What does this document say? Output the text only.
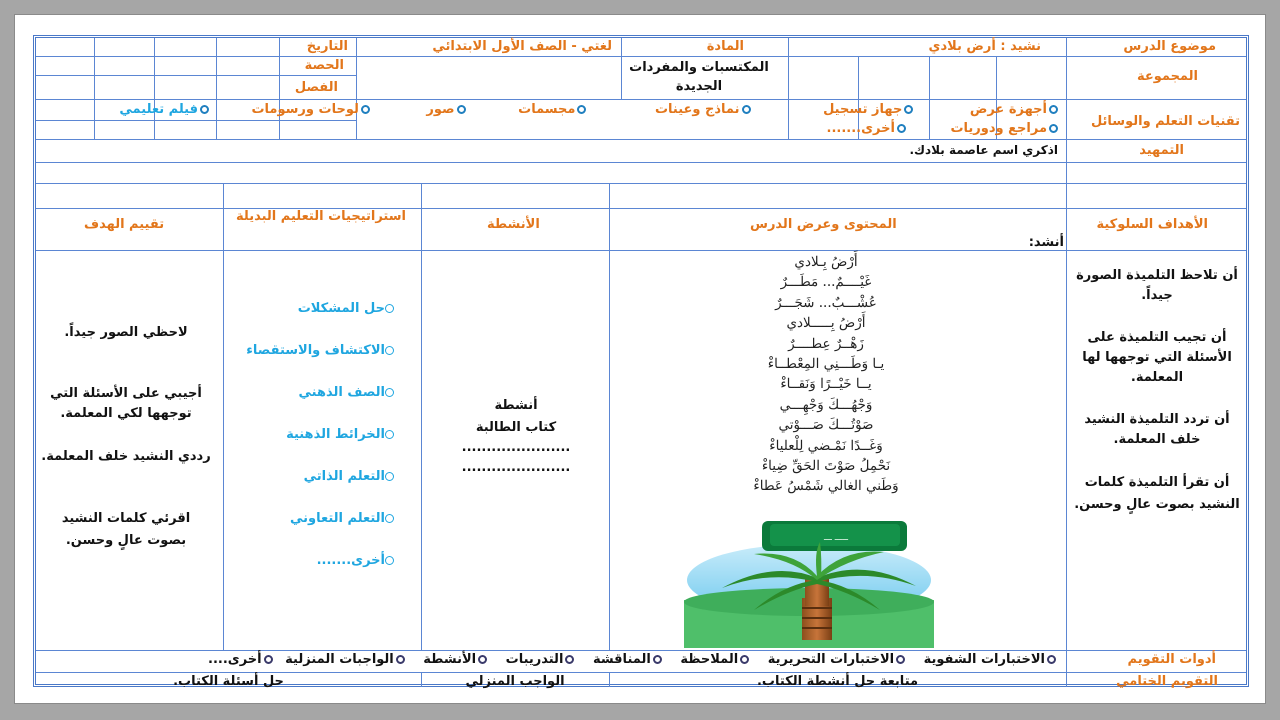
موضوع الدرس
نشيد : أرض بلادي
المادة
لغتي - الصف الأول الابتدائي
التاريخ
المجموعة
المكتسبات والمفردات الجديدة
الحصة
الفصل
تقنيات التعلم والوسائل
أجهزة عرض جهاز تسجيل نماذج وعينات مجسمات صور لوحات ورسومات فيلم تعليمي
مراجع ودوريات أخرى.......
التمهيد
اذكري اسم عاصمة بلادك.
الأهداف السلوكية
المحتوى وعرض الدرس
الأنشطة
استراتيجيات التعليم البديلة
تقييم الهدف
أن تلاحظ التلميذة الصورة جيداً.
أن تجيب التلميذة على الأسئلة التي توجهها لها المعلمة.
أن تردد التلميذة النشيد خلف المعلمة.
أن تقرأ التلميذة كلمات النشيد بصوت عالٍ وحسن.
أنشد:
أَرْضُ بِـلادي
غَيْــــمٌ... مَطَـــرٌ
عُشْـــبٌ... شَجَـــرٌ
أَرْضُ بِـــــلادي
زَهْــرٌ عِطــــرٌ
يـا وَطَـــنِي المِعْطــاءْ
يــا خَيْــرًا وَنَقــاءْ
وَجْهُـــكَ وَجْهِـــي
صَوْتُـــكَ صَـــوْتي
وَغَــدًا نَمْـضي لِلْعلياءْ
نَحْمِلُ صَوْتَ الحَقِّ ضِياءْ
وَطَني الغالي شَمْسُ عَطاءْ
ـــــ ـــ
أنشطة
كتاب الطالبة
......................
......................
حل المشكلات
الاكتشاف والاستقصاء
الصف الذهني
الخرائط الذهنية
التعلم الذاتي
التعلم التعاوني
أخرى.......
لاحظي الصور جيداً.
أجيبي على الأسئلة التي توجهها لكي المعلمة.
رددي النشيد خلف المعلمة.
اقرئي كلمات النشيد بصوت عالٍ وحسن.
أدوات التقويم
الاختبارات الشفوية الاختبارات التحريرية الملاحظة المناقشة التدريبات الأنشطة الواجبات المنزلية أخرى....
التقويم الختامي
متابعة حل أنشطة الكتاب.
الواجب المنزلي
حل أسئلة الكتاب.
